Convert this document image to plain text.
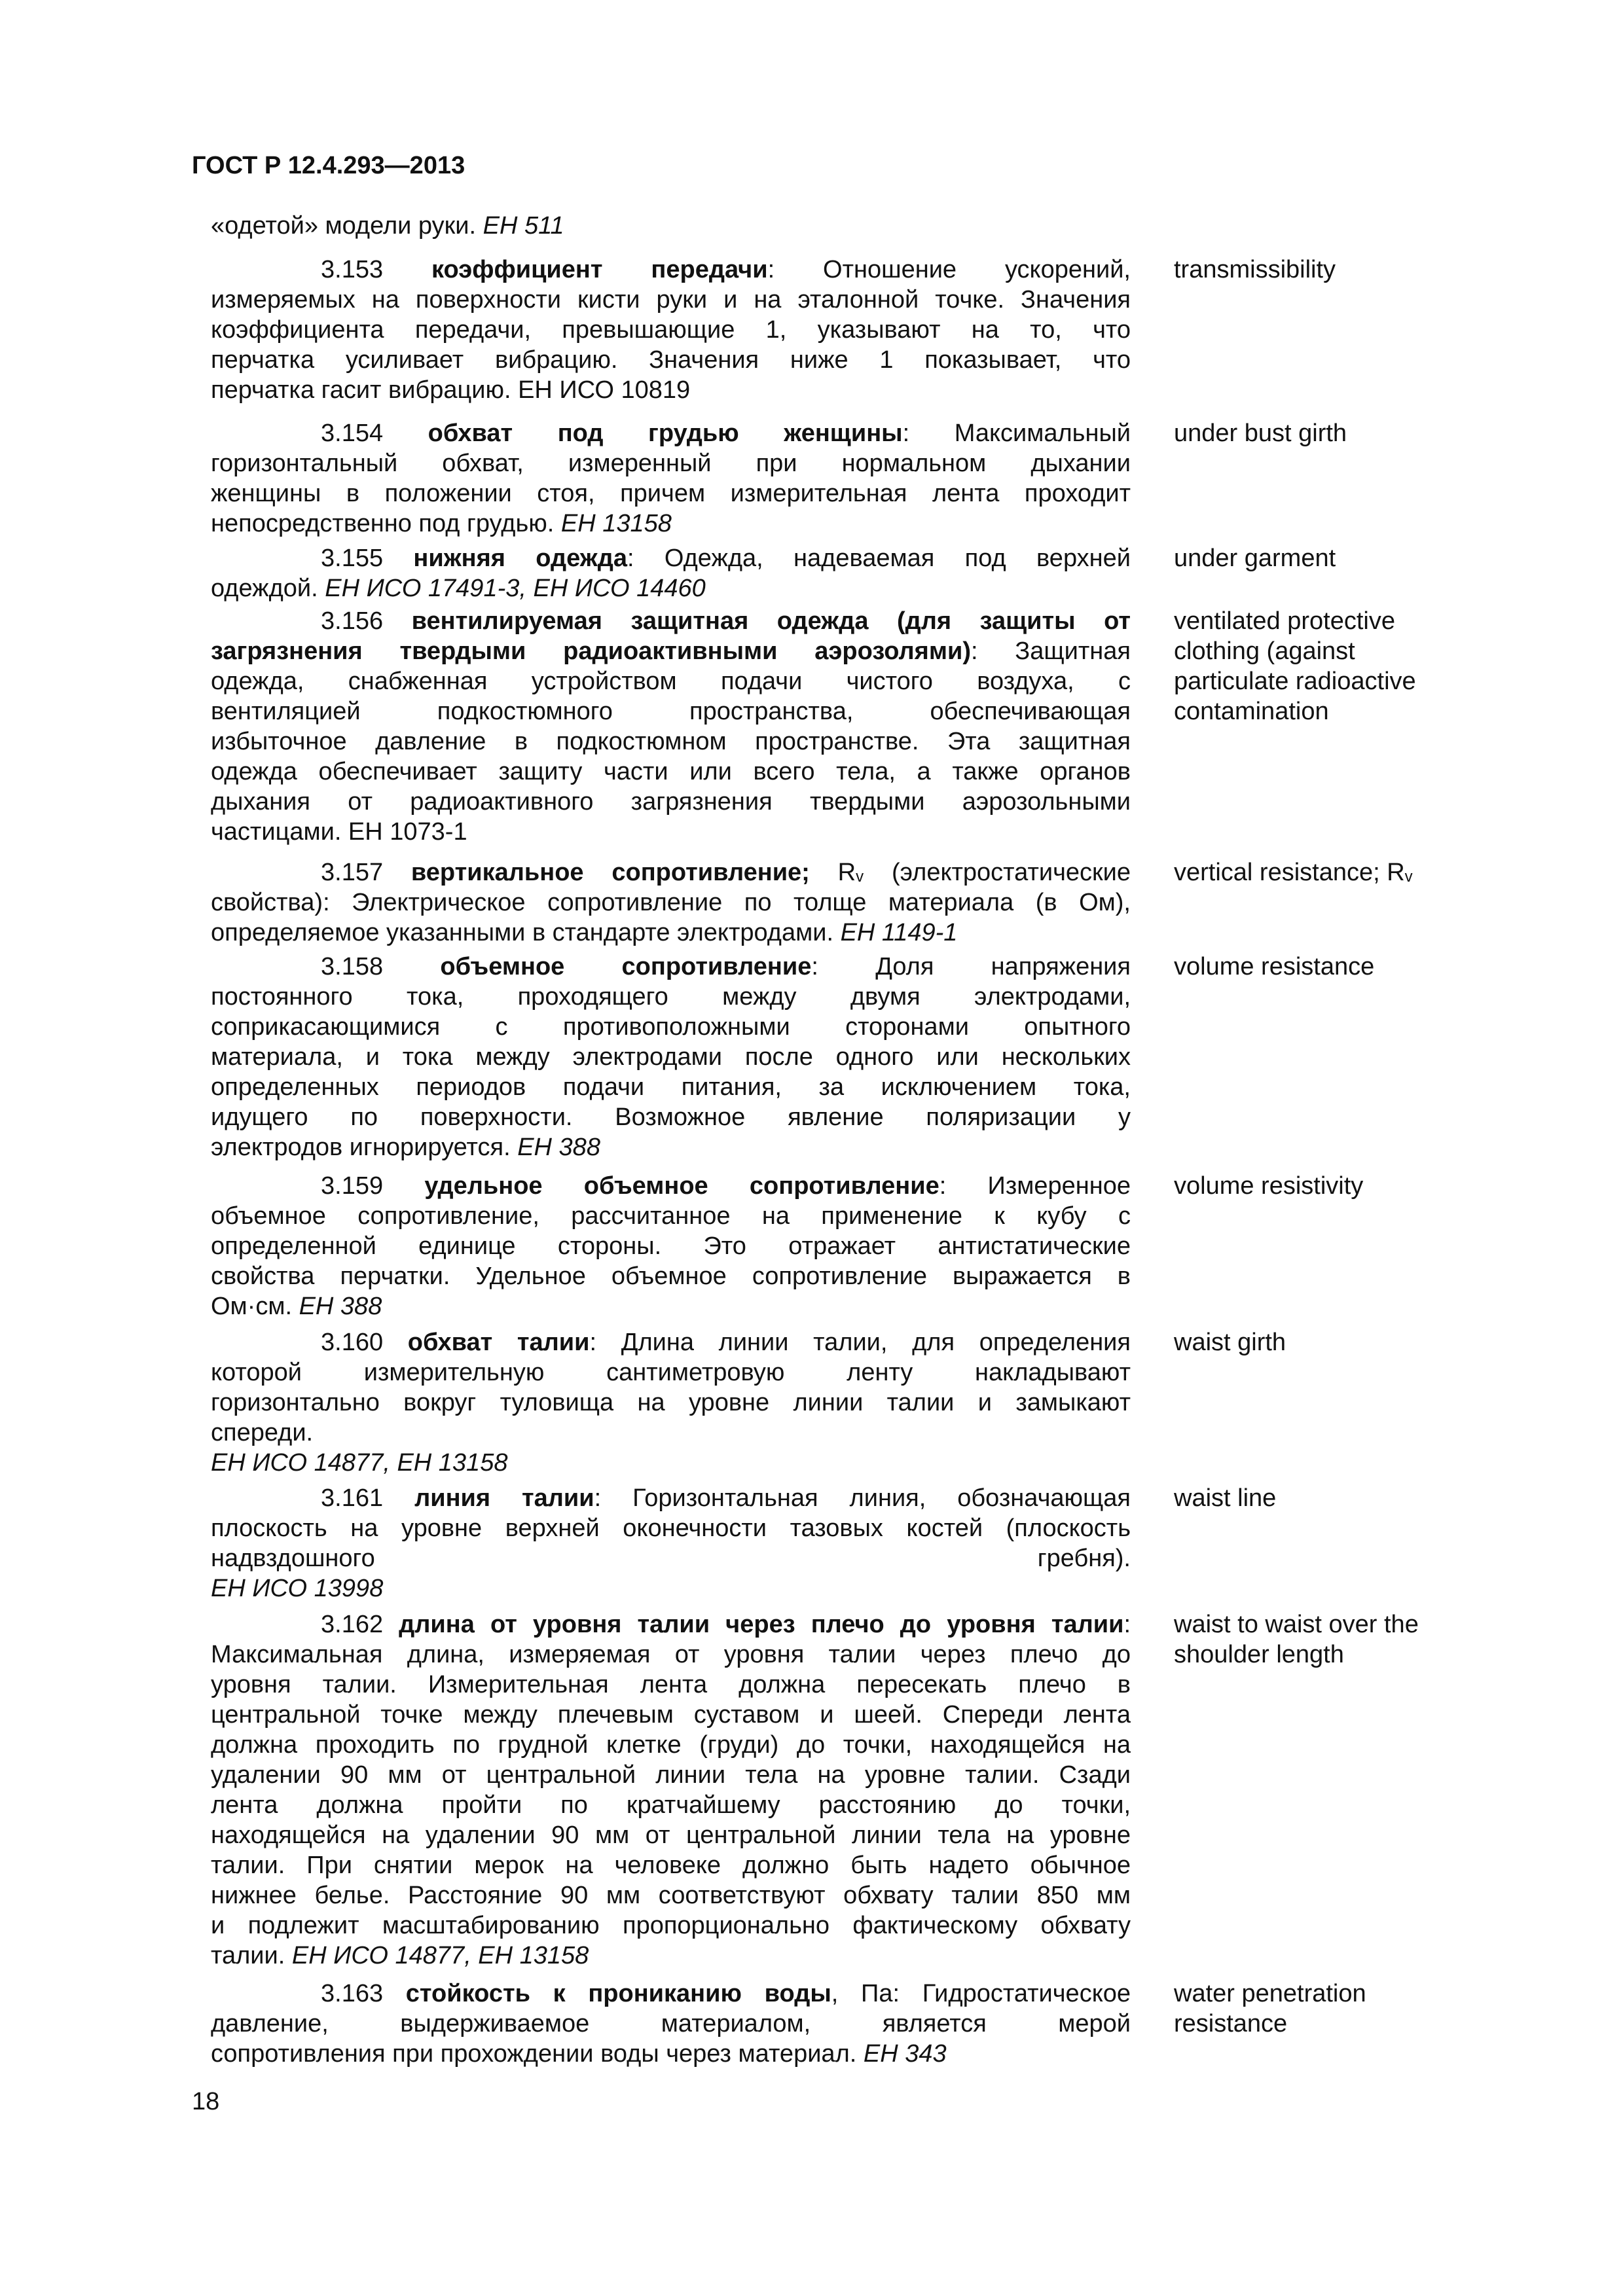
ГОСТ Р 12.4.293—2013
«одетой» модели руки. ЕН 511
3.153 коэффициент передачи: Отношение ускорений,
измеряемых на поверхности кисти руки и на эталонной точке. Значения
коэффициента передачи, превышающие 1, указывают на то, что
перчатка усиливает вибрацию. Значения ниже 1 показывает, что
перчатка гасит вибрацию. ЕН ИСО 10819
transmissibility
3.154 обхват под грудью женщины: Максимальный
горизонтальный обхват, измеренный при нормальном дыхании
женщины в положении стоя, причем измерительная лента проходит
непосредственно под грудью. ЕН 13158
under bust girth
3.155 нижняя одежда: Одежда, надеваемая под верхней
одеждой. ЕН ИСО 17491-3, ЕН ИСО 14460
under garment
3.156 вентилируемая защитная одежда (для защиты от
загрязнения твердыми радиоактивными аэрозолями): Защитная
одежда, снабженная устройством подачи чистого воздуха, с
вентиляцией подкостюмного пространства, обеспечивающая
избыточное давление в подкостюмном пространстве. Эта защитная
одежда обеспечивает защиту части или всего тела, а также органов
дыхания от радиоактивного загрязнения твердыми аэрозольными
частицами. ЕН 1073-1
ventilated protective
clothing (against
particulate radioactive
contamination
3.157 вертикальное сопротивление; $R_v$ (электростатические
свойства): Электрическое сопротивление по толще материала (в Ом),
определяемое указанными в стандарте электродами. ЕН 1149-1
vertical resistance; $R_v$
3.158 объемное сопротивление: Доля напряжения
постоянного тока, проходящего между двумя электродами,
соприкасающимися с противоположными сторонами опытного
материала, и тока между электродами после одного или нескольких
определенных периодов подачи питания, за исключением тока,
идущего по поверхности. Возможное явление поляризации у
электродов игнорируется. ЕН 388
volume resistance
3.159 удельное объемное сопротивление: Измеренное
объемное сопротивление, рассчитанное на применение к кубу с
определенной единице стороны. Это отражает антистатические
свойства перчатки. Удельное объемное сопротивление выражается в
Ом·см. ЕН 388
volume resistivity
3.160 обхват талии: Длина линии талии, для определения
которой измерительную сантиметровую ленту накладывают
горизонтально вокруг туловища на уровне линии талии и замыкают
спереди.
ЕН ИСО 14877, ЕН 13158
waist girth
3.161 линия талии: Горизонтальная линия, обозначающая
плоскость на уровне верхней оконечности тазовых костей (плоскость
надвздошного гребня).
ЕН ИСО 13998
waist line
3.162 длина от уровня талии через плечо до уровня талии:
Максимальная длина, измеряемая от уровня талии через плечо до
уровня талии. Измерительная лента должна пересекать плечо в
центральной точке между плечевым суставом и шеей. Спереди лента
должна проходить по грудной клетке (груди) до точки, находящейся на
удалении 90 мм от центральной линии тела на уровне талии. Сзади
лента должна пройти по кратчайшему расстоянию до точки,
находящейся на удалении 90 мм от центральной линии тела на уровне
талии. При снятии мерок на человеке должно быть надето обычное
нижнее белье. Расстояние 90 мм соответствуют обхвату талии 850 мм
и подлежит масштабированию пропорционально фактическому обхвату
талии. ЕН ИСО 14877, ЕН 13158
waist to waist over the
shoulder length
3.163 стойкость к прониканию воды, Па: Гидростатическое
давление, выдерживаемое материалом, является мерой
сопротивления при прохождении воды через материал. ЕН 343
water penetration
resistance
18
